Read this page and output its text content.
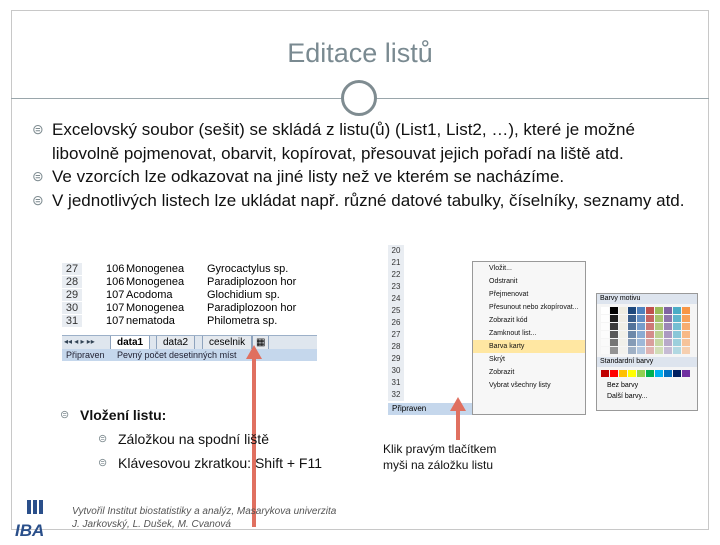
Editace listů
⊜ Excelovský soubor (sešit) se skládá z listu(ů) (List1, List2, …), které je možné libovolně pojmenovat, obarvit, kopírovat, přesouvat jejich pořadí na liště atd.
⊜ Ve vzorcích lze odkazovat na jiné listy než ve kterém se nacházíme.
⊜ V jednotlivých listech lze ukládat např. různé datové tabulky, číselníky, seznamy atd.
27	106 Monogenea	Gyrocactylus sp.
28	106 Monogenea	Paradiplozoon hor
29	107 Acodoma	Glochidium sp.
30	107 Monogenea	Paradiplozoon hor
31	107 nematoda	Philometra sp.
◂◂ ◂ ▸ ▸▸	data1	data2	ceselnik	▦
Připraven Pevný počet desetinných míst
20
21
22
23
24
25
26
27
28
29
30
31
32
Vložit...
Odstranit
Přejmenovat
Přesunout nebo zkopírovat...
Zobrazit kód
Zamknout list...
Barva karty
Skrýt
Zobrazit
Vybrat všechny listy
Barvy motivu
Standardní barvy
Bez barvy
Další barvy...
Připraven
⊜ Vložení listu:
⊜ Záložkou na spodní liště
⊜ Klávesovou zkratkou: Shift + F11
Klik pravým tlačítkem
myši na záložku listu
IBA
Vytvořil Institut biostatistiky a analýz, Masarykova univerzita
J. Jarkovský, L. Dušek, M. Cvanová
